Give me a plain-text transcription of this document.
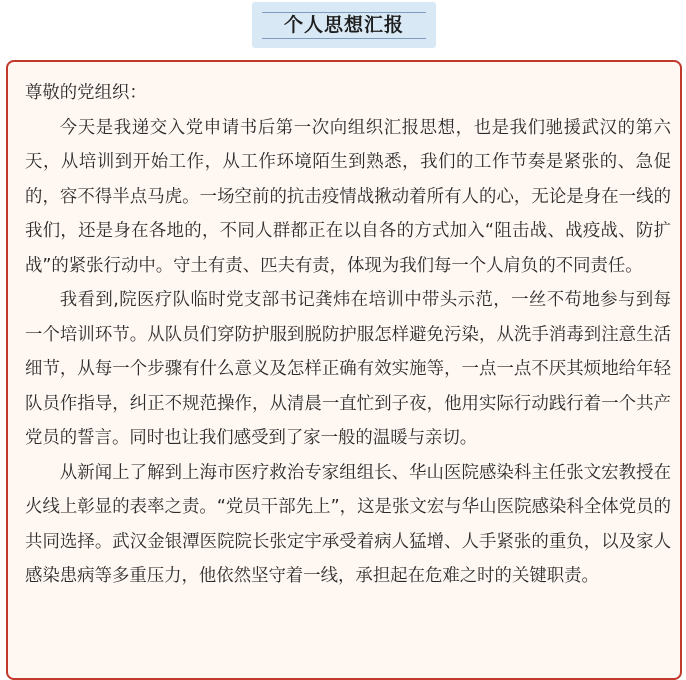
个人思想汇报

尊敬的党组织：

今天是我递交入党申请书后第一次向组织汇报思想，也是我们驰援武汉的第六天，从培训到开始工作，从工作环境陌生到熟悉，我们的工作节奏是紧张的、急促的，容不得半点马虎。一场空前的抗击疫情战揪动着所有人的心，无论是身在一线的我们，还是身在各地的，不同人群都正在以自各的方式加入“阻击战、战疫战、防扩战”的紧张行动中。守土有责、匹夫有责，体现为我们每一个人肩负的不同责任。

我看到,院医疗队临时党支部书记龚炜在培训中带头示范，一丝不苟地参与到每一个培训环节。从队员们穿防护服到脱防护服怎样避免污染，从洗手消毒到注意生活细节，从每一个步骤有什么意义及怎样正确有效实施等，一点一点不厌其烦地给年轻队员作指导，纠正不规范操作，从清晨一直忙到子夜，他用实际行动践行着一个共产党员的誓言。同时也让我们感受到了家一般的温暖与亲切。

从新闻上了解到上海市医疗救治专家组组长、华山医院感染科主任张文宏教授在火线上彰显的表率之责。“党员干部先上”，这是张文宏与华山医院感染科全体党员的共同选择。武汉金银潭医院院长张定宇承受着病人猛增、人手紧张的重负，以及家人感染患病等多重压力，他依然坚守着一线，承担起在危难之时的关键职责。
